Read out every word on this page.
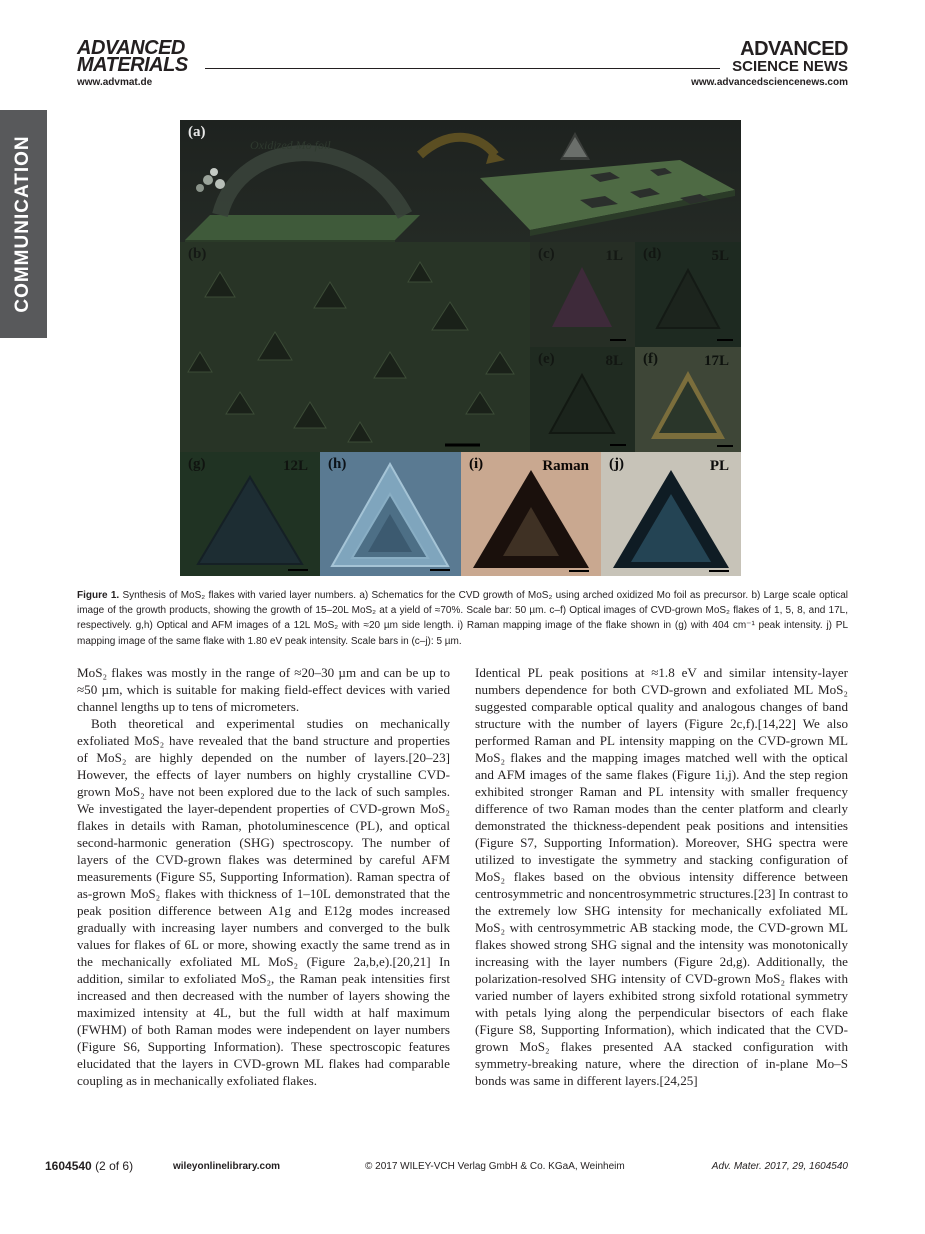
COMMUNICATION
ADVANCED
MATERIALS
ADVANCED
SCIENCE NEWS
www.advmat.de	www.advancedsciencenews.com
(a)
Oxidized Mo foil
(b)	(c)	1L (d)	5L
(e)	8L (f)	17L
(g)	12L (h)	(i)	Raman (j)	PL
Figure 1. Synthesis of MoS₂ flakes with varied layer numbers. a) Schematics for the CVD growth of MoS₂ using arched oxidized Mo foil as precursor. b) Large scale optical image of the growth products, showing the growth of 15–20L MoS₂ at a yield of ≈70%. Scale bar: 50 µm. c–f) Optical images of CVD-grown MoS₂ flakes of 1, 5, 8, and 17L, respectively. g,h) Optical and AFM images of a 12L MoS₂ with ≈20 µm side length. i) Raman mapping image of the flake shown in (g) with 404 cm⁻¹ peak intensity. j) PL mapping image of the same flake with 1.80 eV peak intensity. Scale bars in (c–j): 5 µm.

MoS₂ flakes was mostly in the range of ≈20–30 µm and can be up to ≈50 µm, which is suitable for making field-effect devices with varied channel lengths up to tens of micrometers.

Both theoretical and experimental studies on mechanically exfoliated MoS₂ have revealed that the band structure and properties of MoS₂ are highly depended on the number of layers.[20–23] However, the effects of layer numbers on highly crystalline CVD-grown MoS₂ have not been explored due to the lack of such samples. We investigated the layer-dependent properties of CVD-grown MoS₂ flakes in details with Raman, photoluminescence (PL), and optical second-harmonic generation (SHG) spectroscopy. The number of layers of the CVD-grown flakes was determined by careful AFM measurements (Figure S5, Supporting Information). Raman spectra of as-grown MoS₂ flakes with thickness of 1–10L demonstrated that the peak position difference between A1g and E12g modes increased gradually with increasing layer numbers and converged to the bulk values for flakes of 6L or more, showing exactly the same trend as in the mechanically exfoliated ML MoS₂ (Figure 2a,b,e).[20,21] In addition, similar to exfoliated MoS₂, the Raman peak intensities first increased and then decreased with the number of layers showing the maximized intensity at 4L, but the full width at half maximum (FWHM) of both Raman modes were independent on layer numbers (Figure S6, Supporting Information). These spectroscopic features elucidated that the layers in CVD-grown ML flakes had comparable coupling as in mechanically exfoliated flakes.

Identical PL peak positions at ≈1.8 eV and similar intensity-layer numbers dependence for both CVD-grown and exfoliated ML MoS₂ suggested comparable optical quality and analogous changes of band structure with the number of layers (Figure 2c,f).[14,22] We also performed Raman and PL intensity mapping on the CVD-grown ML MoS₂ flakes and the mapping images matched well with the optical and AFM images of the same flakes (Figure 1i,j). And the step region exhibited stronger Raman and PL intensity with smaller frequency difference of two Raman modes than the center platform and clearly demonstrated the thickness-dependent peak positions and intensities (Figure S7, Supporting Information). Moreover, SHG spectra were utilized to investigate the symmetry and stacking configuration of MoS₂ flakes based on the obvious intensity difference between centrosymmetric and noncentrosymmetric structures.[23] In contrast to the extremely low SHG intensity for mechanically exfoliated ML MoS₂ with centrosymmetric AB stacking mode, the CVD-grown ML flakes showed strong SHG signal and the intensity was monotonically increasing with the layer numbers (Figure 2d,g). Additionally, the polarization-resolved SHG intensity of CVD-grown MoS₂ flakes with varied number of layers exhibited strong sixfold rotational symmetry with petals lying along the perpendicular bisectors of each flake (Figure S8, Supporting Information), which indicated that the CVD-grown MoS₂ flakes presented AA stacked configuration with symmetry-breaking nature, where the direction of in-plane Mo–S bonds was same in different layers.[24,25]

1604540 (2 of 6)	wileyonlinelibrary.com	© 2017 WILEY-VCH Verlag GmbH & Co. KGaA, Weinheim	Adv. Mater. 2017, 29, 1604540
